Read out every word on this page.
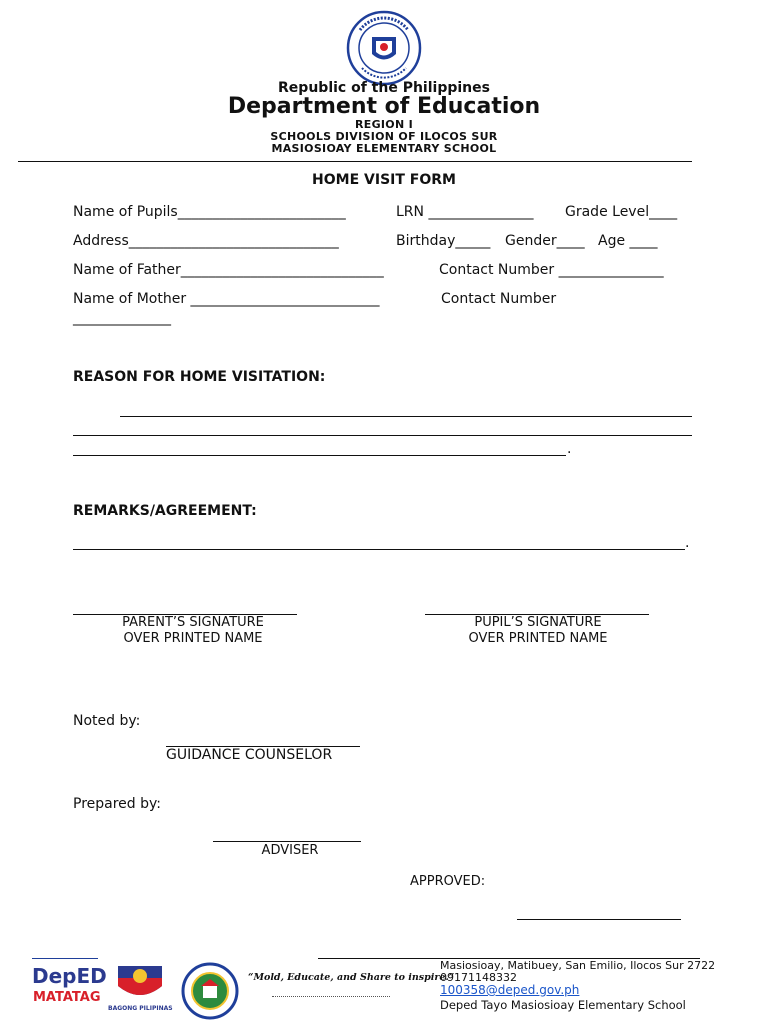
Republic of the Philippines
Department of Education
REGION I
SCHOOLS DIVISION OF ILOCOS SUR
MASIOSIOAY ELEMENTARY SCHOOL
HOME VISIT FORM
Name of Pupils________________________	LRN _______________ Grade Level____
Address______________________________	Birthday_____ Gender____ Age ____
Name of Father_____________________________	Contact Number _______________
Name of Mother ___________________________	Contact Number
______________
REASON FOR HOME VISITATION:
.
REMARKS/AGREEMENT:
.
PARENT’S SIGNATURE
OVER PRINTED NAME
PUPIL’S SIGNATURE
OVER PRINTED NAME
Noted by:
GUIDANCE COUNSELOR
Prepared by:
ADVISER
APPROVED:
DepED
MATATAG
BAGONG PILIPINAS
“Mold, Educate, and Share to inspire.”
Masiosioay, Matibuey, San Emilio, Ilocos Sur 2722
09171148332
100358@deped.gov.ph
Deped Tayo Masiosioay Elementary School
